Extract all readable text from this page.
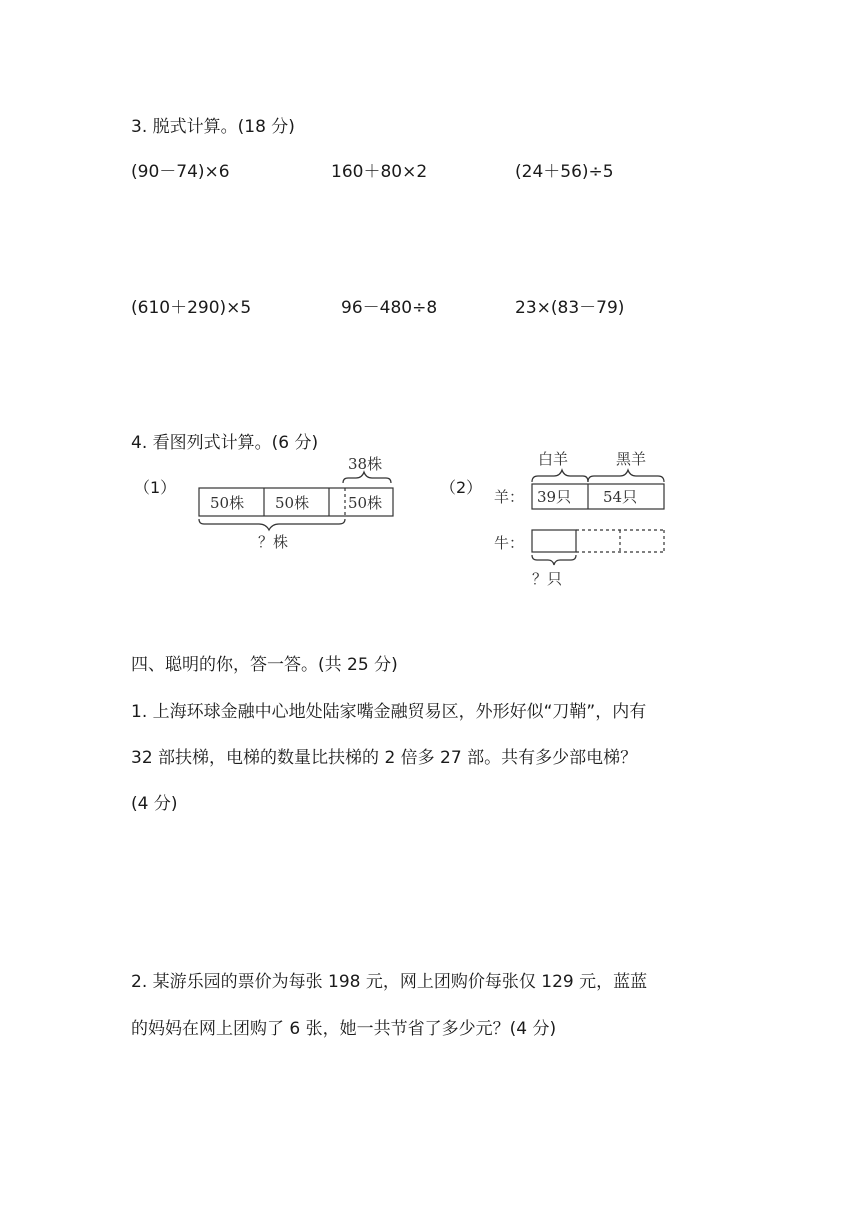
3. 脱式计算。(18 分)
(90－74)×6	160＋80×2	(24＋56)÷5
(610＋290)×5	96－480÷8	23×(83－79)
4. 看图列式计算。(6 分)
（1）
38株
50株 50株	50株
？株
（2）
白羊	黑羊
羊： 39只 54只
牛：
？只
四、聪明的你，答一答。(共 25 分)
1. 上海环球金融中心地处陆家嘴金融贸易区，外形好似“刀鞘”，内有
32 部扶梯，电梯的数量比扶梯的 2 倍多 27 部。共有多少部电梯？
(4 分)
2. 某游乐园的票价为每张 198 元，网上团购价每张仅 129 元，蓝蓝
的妈妈在网上团购了 6 张，她一共节省了多少元？(4 分)
